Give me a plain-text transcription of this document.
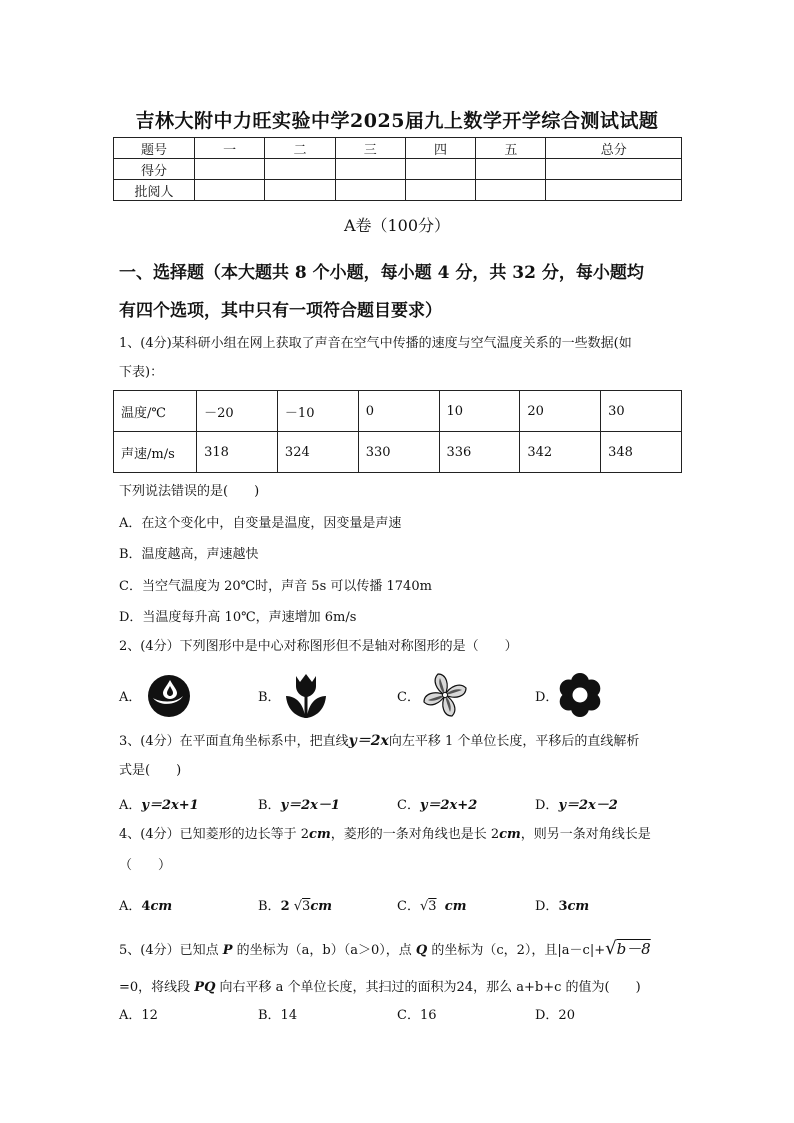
吉林大附中力旺实验中学2025届九上数学开学综合测试试题
题号	一	二	三	四	五	总分
得分						
批阅人						
A卷（100分）
一、选择题（本大题共 8 个小题，每小题 4 分，共 32 分，每小题均
有四个选项，其中只有一项符合题目要求）
1、(4分)某科研小组在网上获取了声音在空气中传播的速度与空气温度关系的一些数据(如
下表)：
温度/℃	－20	－10	0	10	20	30
声速/m/s	318	324	330	336	342	348
下列说法错误的是(　　)
A．在这个变化中，自变量是温度，因变量是声速
B．温度越高，声速越快
C．当空气温度为 20℃时，声音 5s 可以传播 1740m
D．当温度每升高 10℃，声速增加 6m/s
2、(4分）下列图形中是中心对称图形但不是轴对称图形的是（　　）
A．	B．	C．	D．
3、(4分）在平面直角坐标系中，把直线y＝2x向左平移 1 个单位长度，平移后的直线解析
式是(　　)
A．y＝2x+1	B．y＝2x－1	C．y＝2x+2	D．y＝2x－2
4、(4分）已知菱形的边长等于 2cm，菱形的一条对角线也是长 2cm，则另一条对角线长是
（　　）
A．4cm	B．2 √3cm	C．√3 cm	D．3cm
5、(4分）已知点 P 的坐标为（a，b）（a＞0），点 Q 的坐标为（c，2），且|a－c|+√b－8
=0，将线段 PQ 向右平移 a 个单位长度，其扫过的面积为24，那么 a+b+c 的值为(　　)
A．12	B．14	C．16	D．20
